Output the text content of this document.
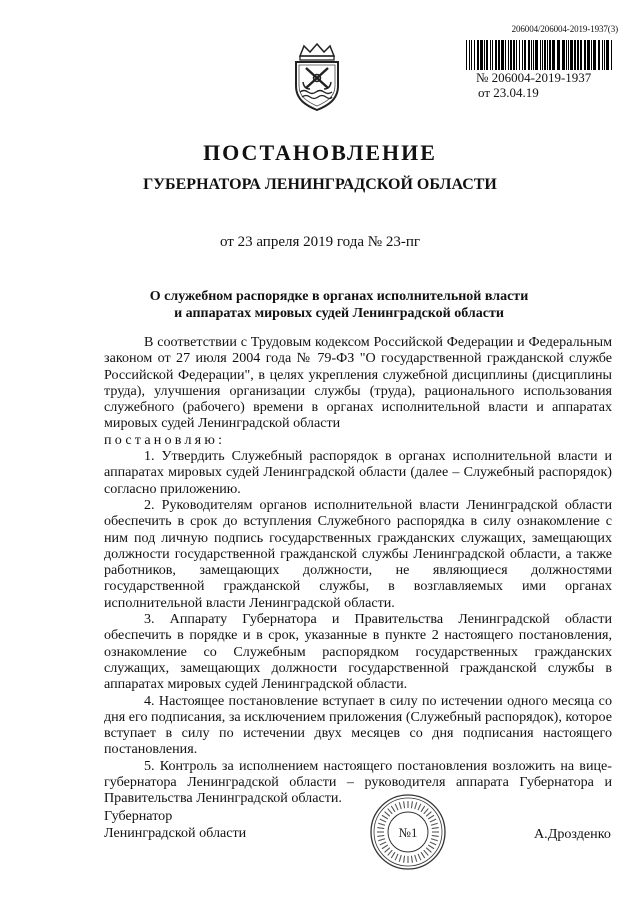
206004/206004-2019-1937(3)
№ 206004-2019-1937
от 23.04.19
ПОСТАНОВЛЕНИЕ
ГУБЕРНАТОРА ЛЕНИНГРАДСКОЙ ОБЛАСТИ
от 23 апреля 2019 года № 23-пг
О служебном распорядке в органах исполнительной власти
и аппаратах мировых судей Ленинградской области

В соответствии с Трудовым кодексом Российской Федерации и Федеральным законом от 27 июля 2004 года № 79-ФЗ "О государственной гражданской службе Российской Федерации", в целях укрепления служебной дисциплины (дисциплины труда), улучшения организации службы (труда), рационального использования служебного (рабочего) времени в органах исполнительной власти и аппаратах мировых судей Ленинградской области

постановляю:

1. Утвердить Служебный распорядок в органах исполнительной власти и аппаратах мировых судей Ленинградской области (далее – Служебный распорядок) согласно приложению.

2. Руководителям органов исполнительной власти Ленинградской области обеспечить в срок до вступления Служебного распорядка в силу ознакомление с ним под личную подпись государственных гражданских служащих, замещающих должности государственной гражданской службы Ленинградской области, а также работников, замещающих должности, не являющиеся должностями государственной гражданской службы, в возглавляемых ими органах исполнительной власти Ленинградской области.

3. Аппарату Губернатора и Правительства Ленинградской области обеспечить в порядке и в срок, указанные в пункте 2 настоящего постановления, ознакомление со Служебным распорядком государственных гражданских служащих, замещающих должности государственной гражданской службы в аппаратах мировых судей Ленинградской области.

4. Настоящее постановление вступает в силу по истечении одного месяца со дня его подписания, за исключением приложения (Служебный распорядок), которое вступает в силу по истечении двух месяцев со дня подписания настоящего постановления.

5. Контроль за исполнением настоящего постановления возложить на вице-губернатора Ленинградской области – руководителя аппарата Губернатора и Правительства Ленинградской области.

Губернатор
Ленинградской области	№1	А.Дрозденко
